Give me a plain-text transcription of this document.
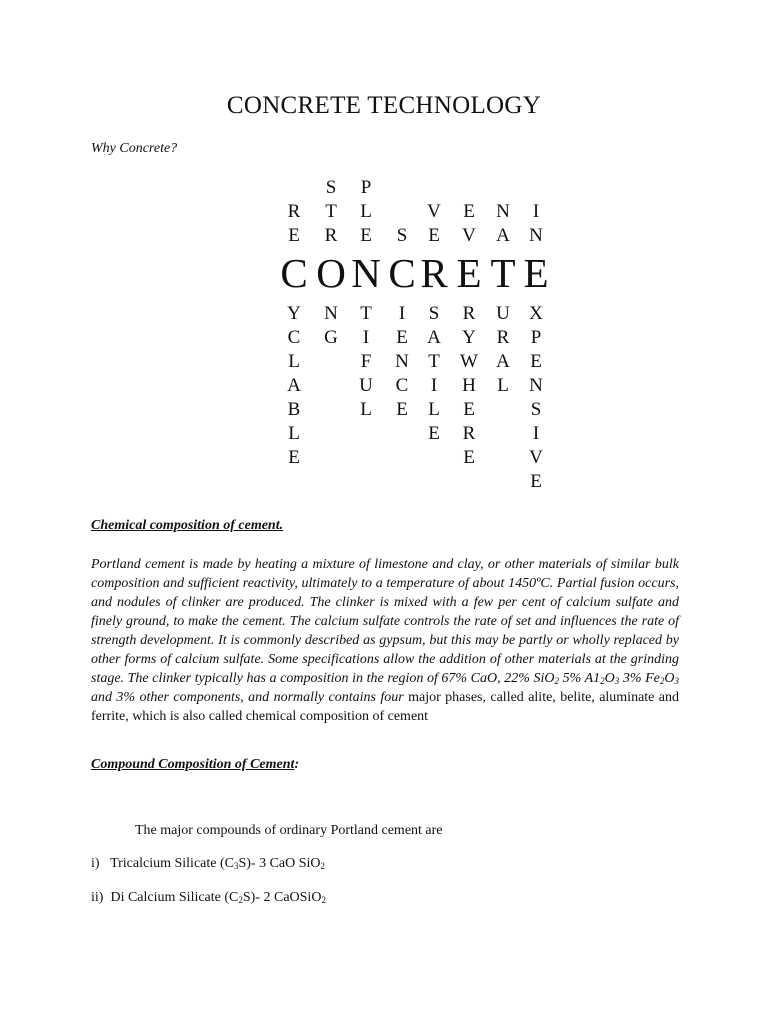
CONCRETE TECHNOLOGY
Why Concrete?
C
R
E
Y
C
L
A
B
L
E
O
S
T
R
N
G
N
P
L
E
T
I
F
U
L
C
S
I
E
N
C
E
R
V
E
S
A
T
I
L
E
E
E
V
R
Y
W
H
E
R
E
T
N
A
U
R
A
L
E
I
N
X
P
E
N
S
I
V
E
Chemical composition of cement.

Portland cement is made by heating a mixture of limestone and clay, or other materials of similar bulk composition and sufficient reactivity, ultimately to a temperature of about 1450ºC. Partial fusion occurs, and nodules of clinker are produced. The clinker is mixed with a few per cent of calcium sulfate and finely ground, to make the cement. The calcium sulfate controls the rate of set and influences the rate of strength development. It is commonly described as gypsum, but this may be partly or wholly replaced by other forms of calcium sulfate. Some specifications allow the addition of other materials at the grinding stage. The clinker typically has a composition in the region of 67% CaO, 22% SiO$_2$ 5% $A1_2O_3$ 3% $Fe_2O_3$ and 3% other components, and normally contains four major phases, called alite, belite, aluminate and ferrite, which is also called chemical composition of cement

Compound Composition of Cement:
The major compounds of ordinary Portland cement are
i) Tricalcium Silicate $(C_3S)-$ 3 CaO SiO$_2$
ii) Di Calcium Silicate $(C_2S)-$ 2 CaOSiO$_2$
